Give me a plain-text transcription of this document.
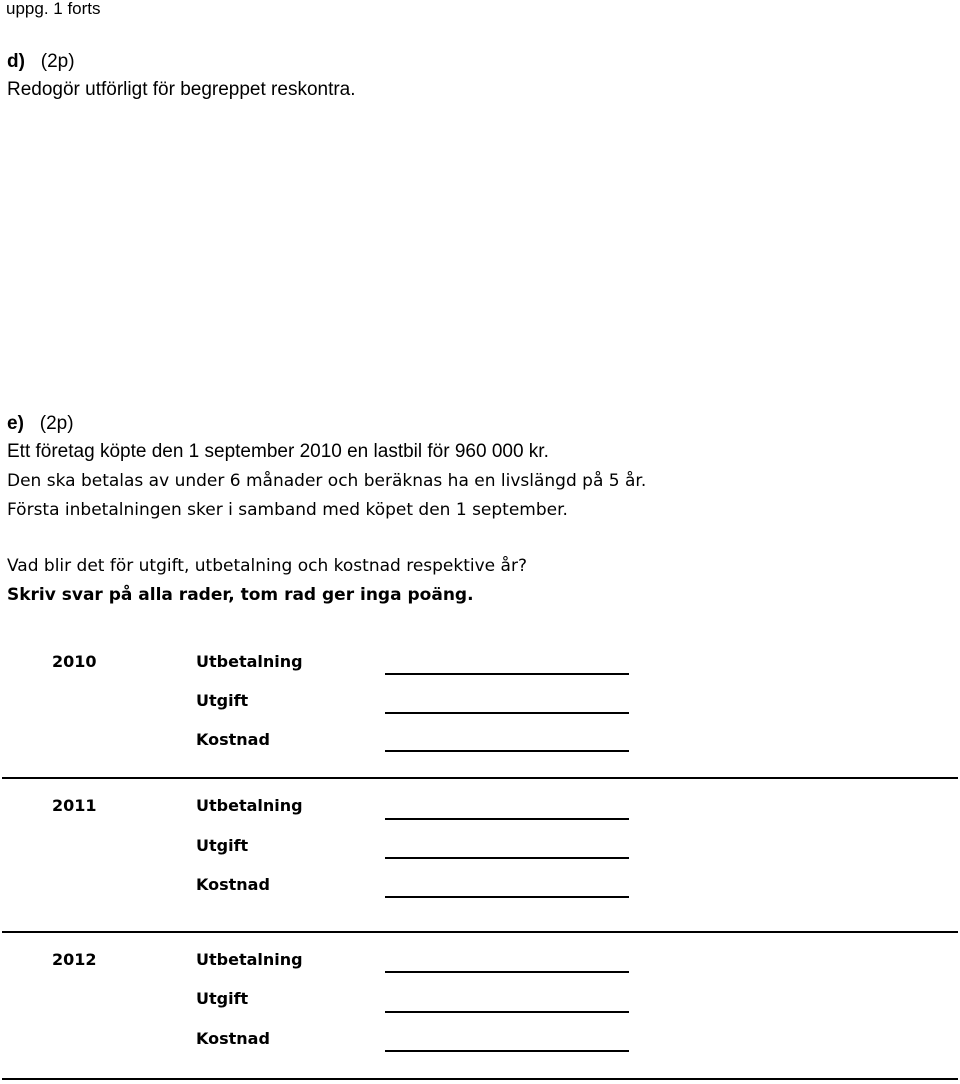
uppg. 1 forts
d) (2p)
Redogör utförligt för begreppet reskontra.
e) (2p)
Ett företag köpte den 1 september 2010 en lastbil för 960 000 kr.
Den ska betalas av under 6 månader och beräknas ha en livslängd på 5 år.
Första inbetalningen sker i samband med köpet den 1 september.
Vad blir det för utgift, utbetalning och kostnad respektive år?
Skriv svar på alla rader, tom rad ger inga poäng.
2010	Utbetalning
Utgift
Kostnad
2011	Utbetalning
Utgift
Kostnad
2012	Utbetalning
Utgift
Kostnad
